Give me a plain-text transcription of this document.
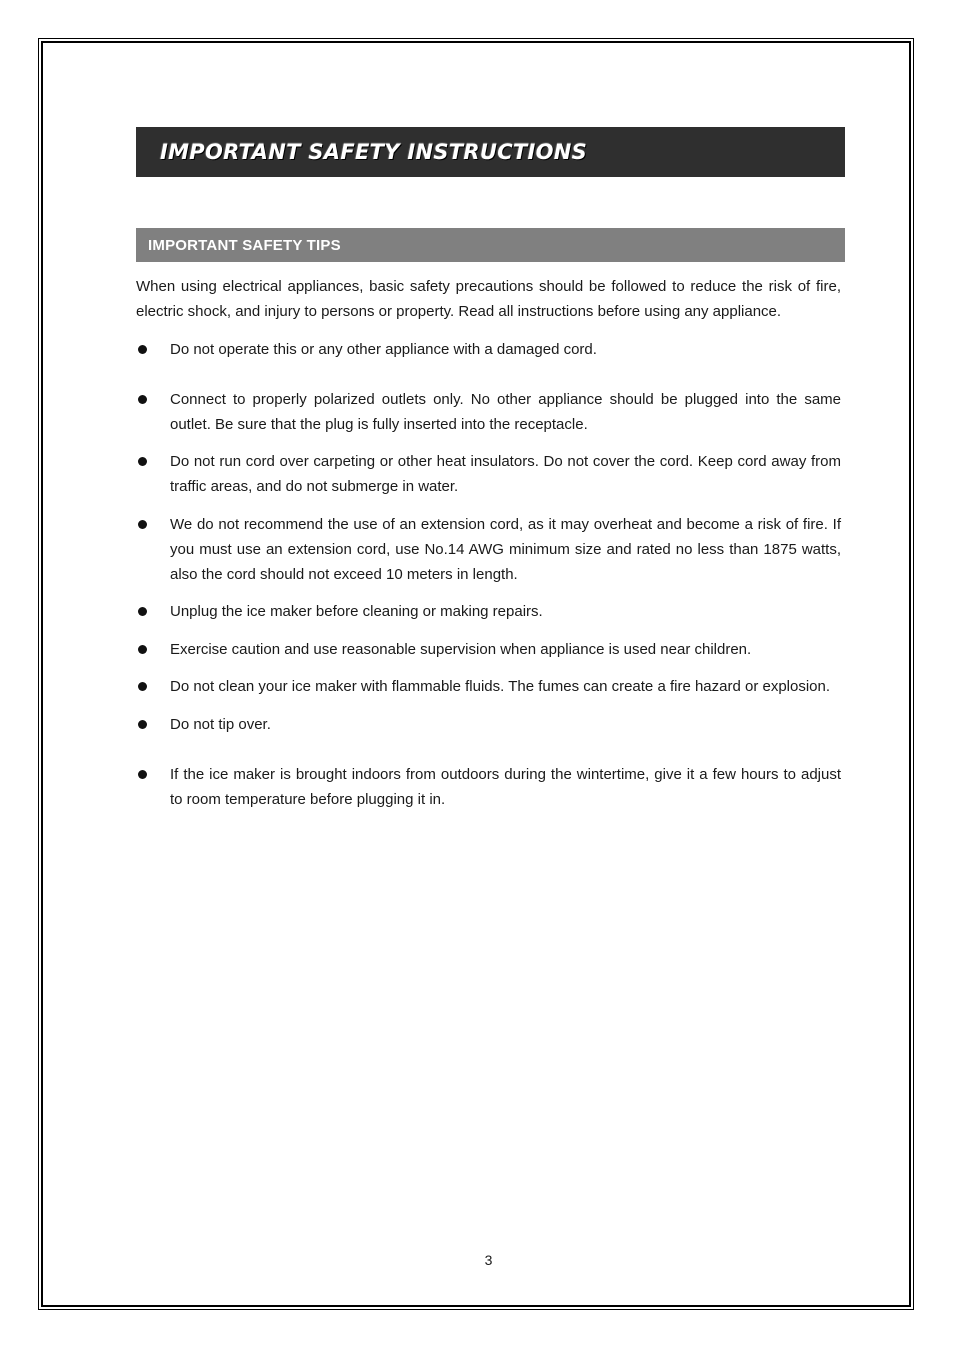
IMPORTANT SAFETY INSTRUCTIONS
IMPORTANT SAFETY TIPS

When using electrical appliances, basic safety precautions should be followed to reduce the risk of fire, electric shock, and injury to persons or property. Read all instructions before using any appliance.

Do not operate this or any other appliance with a damaged cord.
Connect to properly polarized outlets only. No other appliance should be plugged into the same outlet. Be sure that the plug is fully inserted into the receptacle.
Do not run cord over carpeting or other heat insulators. Do not cover the cord. Keep cord away from traffic areas, and do not submerge in water.
We do not recommend the use of an extension cord, as it may overheat and become a risk of fire. If you must use an extension cord, use No.14 AWG minimum size and rated no less than 1875 watts, also the cord should not exceed 10 meters in length.
Unplug the ice maker before cleaning or making repairs.
Exercise caution and use reasonable supervision when appliance is used near children.
Do not clean your ice maker with flammable fluids. The fumes can create a fire hazard or explosion.
Do not tip over.
If the ice maker is brought indoors from outdoors during the wintertime, give it a few hours to adjust to room temperature before plugging it in.
3
